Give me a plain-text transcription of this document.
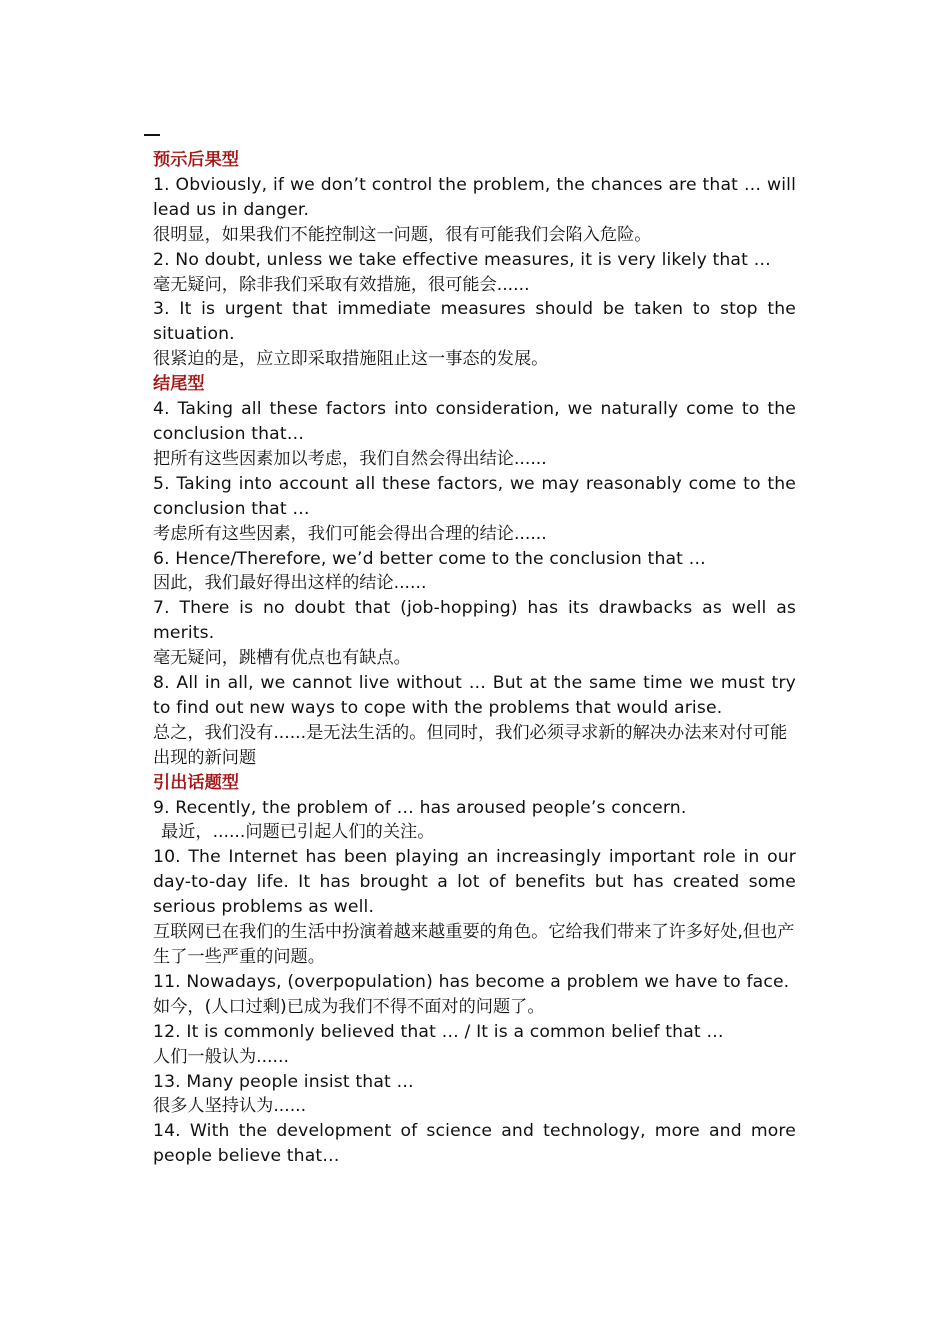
预示后果型

1. Obviously, if we don’t control the problem, the chances are that … will lead us in danger.

很明显，如果我们不能控制这一问题，很有可能我们会陷入危险。

2. No doubt, unless we take effective measures, it is very likely that …

毫无疑问，除非我们采取有效措施，很可能会......

3. It is urgent that immediate measures should be taken to stop the situation.

很紧迫的是，应立即采取措施阻止这一事态的发展。

结尾型

4. Taking all these factors into consideration, we naturally come to the conclusion that…

把所有这些因素加以考虑，我们自然会得出结论......

5. Taking into account all these factors, we may reasonably come to the conclusion that …

考虑所有这些因素，我们可能会得出合理的结论......

6. Hence/Therefore, we’d better come to the conclusion that …

因此，我们最好得出这样的结论......

7. There is no doubt that (job-hopping) has its drawbacks as well as merits.

毫无疑问，跳槽有优点也有缺点。

8. All in all, we cannot live without … But at the same time we must try to find out new ways to cope with the problems that would arise.

总之，我们没有......是无法生活的。但同时，我们必须寻求新的解决办法来对付可能出现的新问题

引出话题型

9. Recently, the problem of … has aroused people’s concern.

最近，......问题已引起人们的关注。

10. The Internet has been playing an increasingly important role in our day-to-day life. It has brought a lot of benefits but has created some serious problems as well.

互联网已在我们的生活中扮演着越来越重要的角色。它给我们带来了许多好处,但也产生了一些严重的问题。

11. Nowadays, (overpopulation) has become a problem we have to face.

如今，(人口过剩)已成为我们不得不面对的问题了。

12. It is commonly believed that … / It is a common belief that …

人们一般认为......

13. Many people insist that …

很多人坚持认为......

14. With the development of science and technology, more and more people believe that…
